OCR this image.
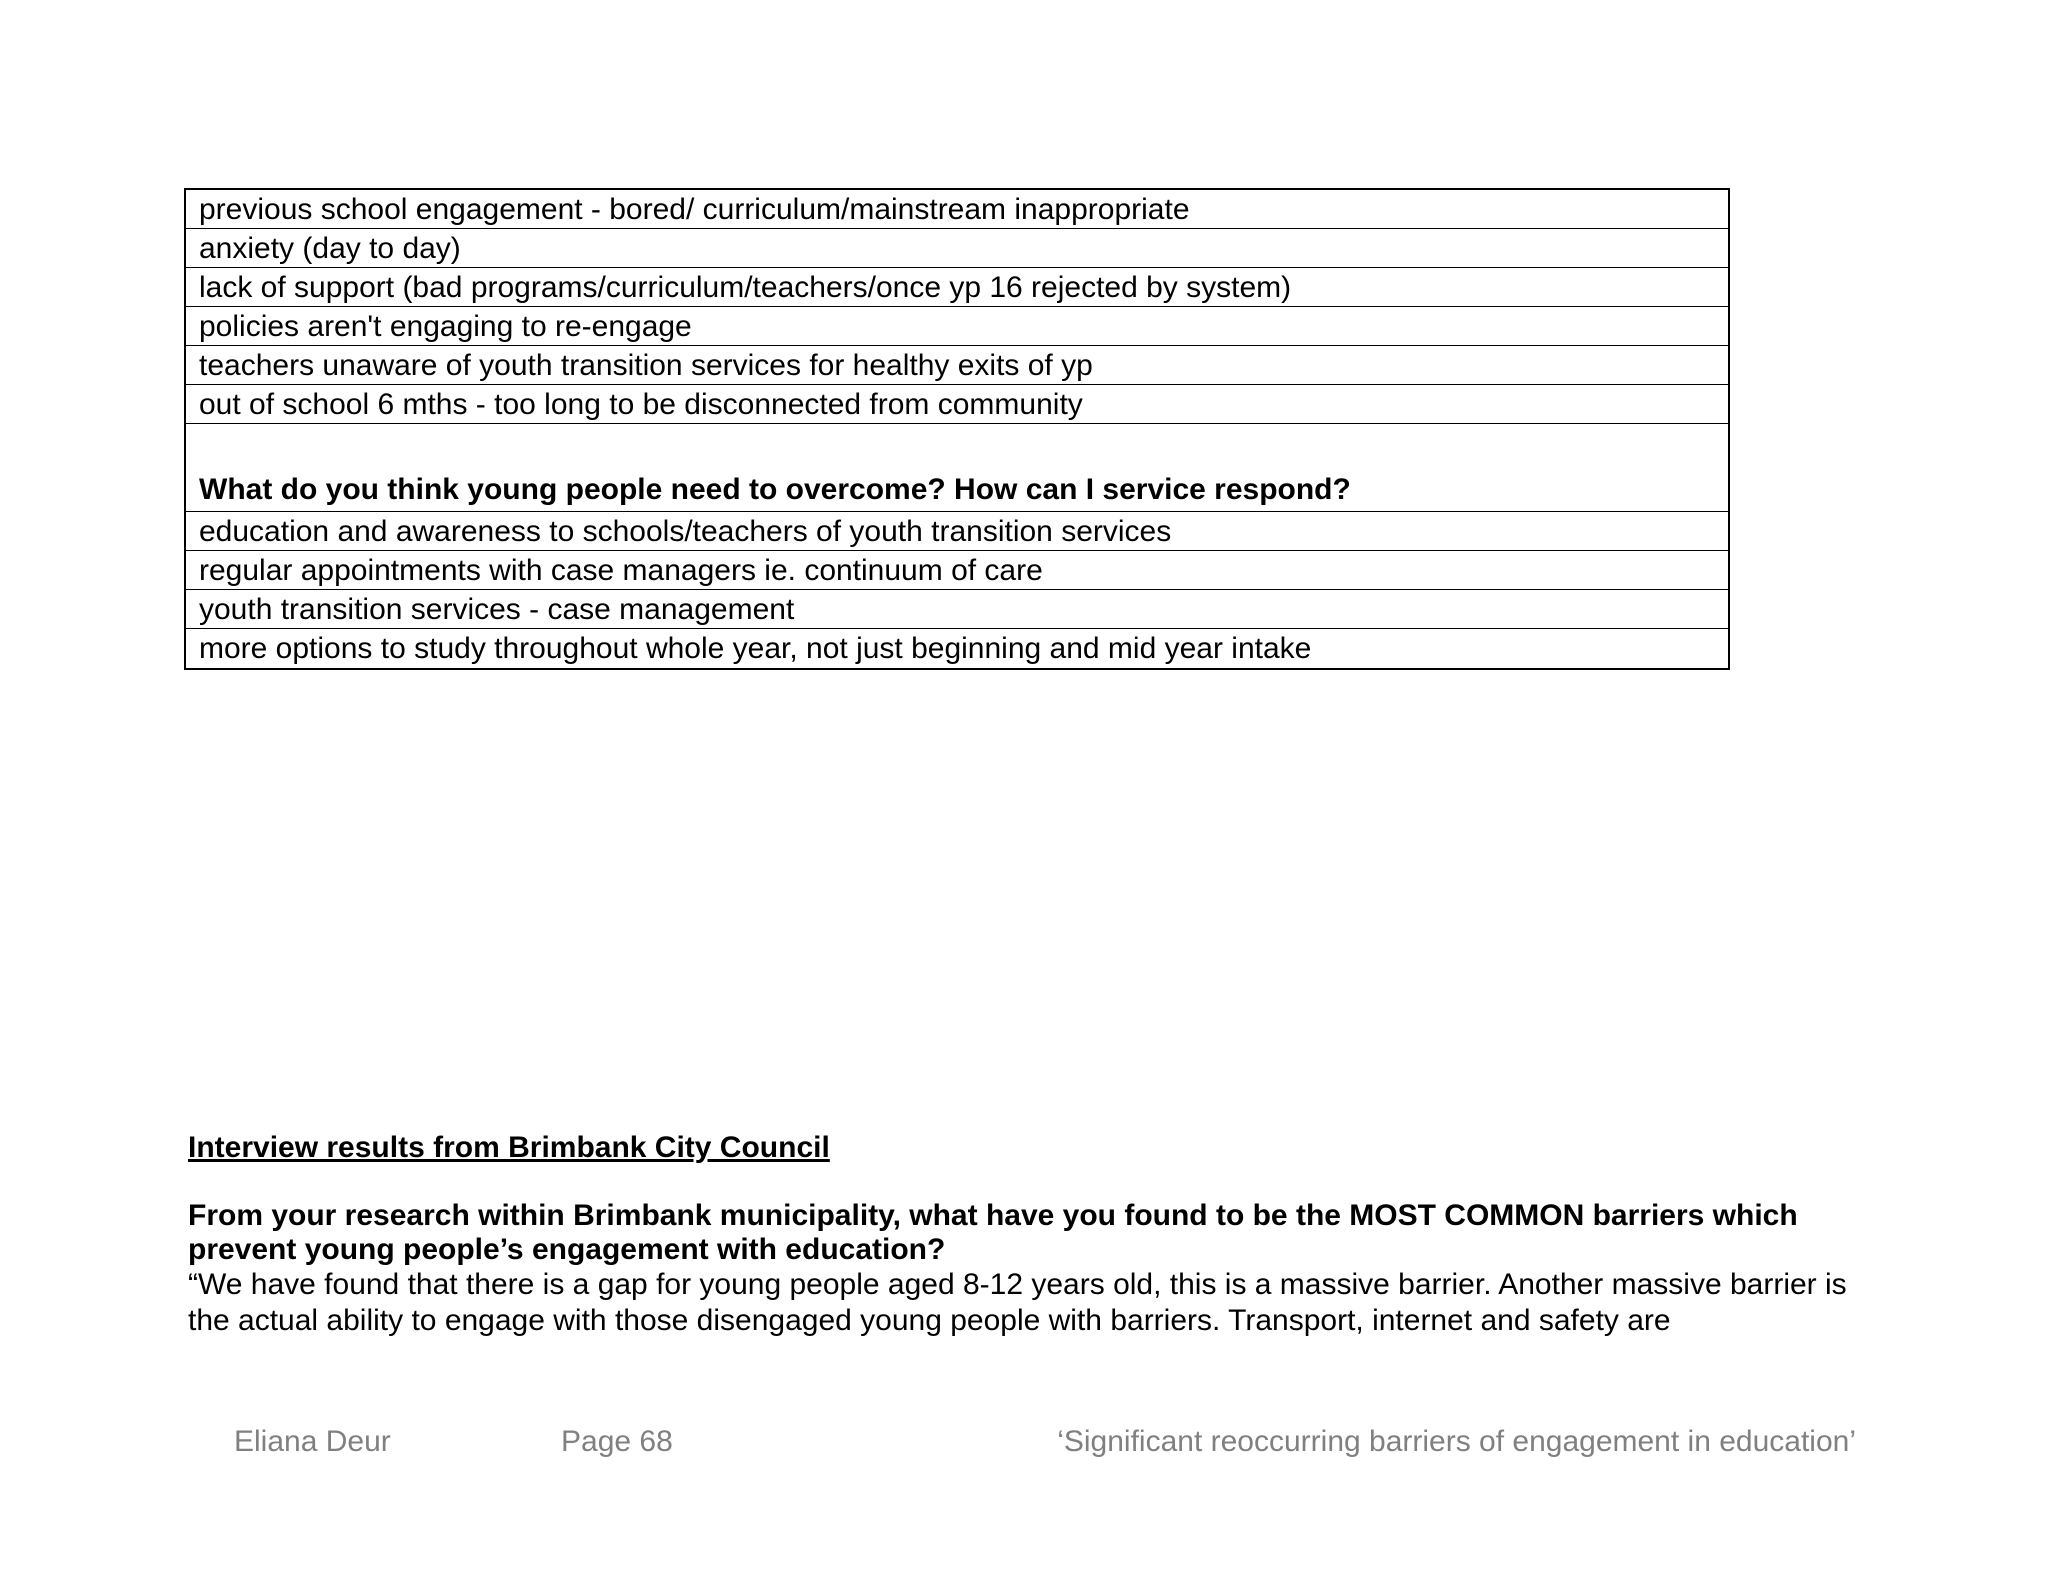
previous school engagement - bored/ curriculum/mainstream inappropriate
anxiety (day to day)
lack of support (bad programs/curriculum/teachers/once yp 16 rejected by system)
policies aren't engaging to re-engage
teachers unaware of youth transition services for healthy exits of yp
out of school 6 mths - too long to be disconnected from community
What do you think young people need to overcome? How can I service respond?
education and awareness to schools/teachers of youth transition services
regular appointments with case managers ie. continuum of care
youth transition services - case management
more options to study throughout whole year, not just beginning and mid year intake
Interview results from Brimbank City Council
From your research within Brimbank municipality, what have you found to be the MOST COMMON barriers which prevent young people’s engagement with education?
“We have found that there is a gap for young people aged 8-12 years old, this is a massive barrier. Another massive barrier is the actual ability to engage with those disengaged young people with barriers. Transport, internet and safety are
Eliana Deur	Page 68	‘Significant reoccurring barriers of engagement in education’
